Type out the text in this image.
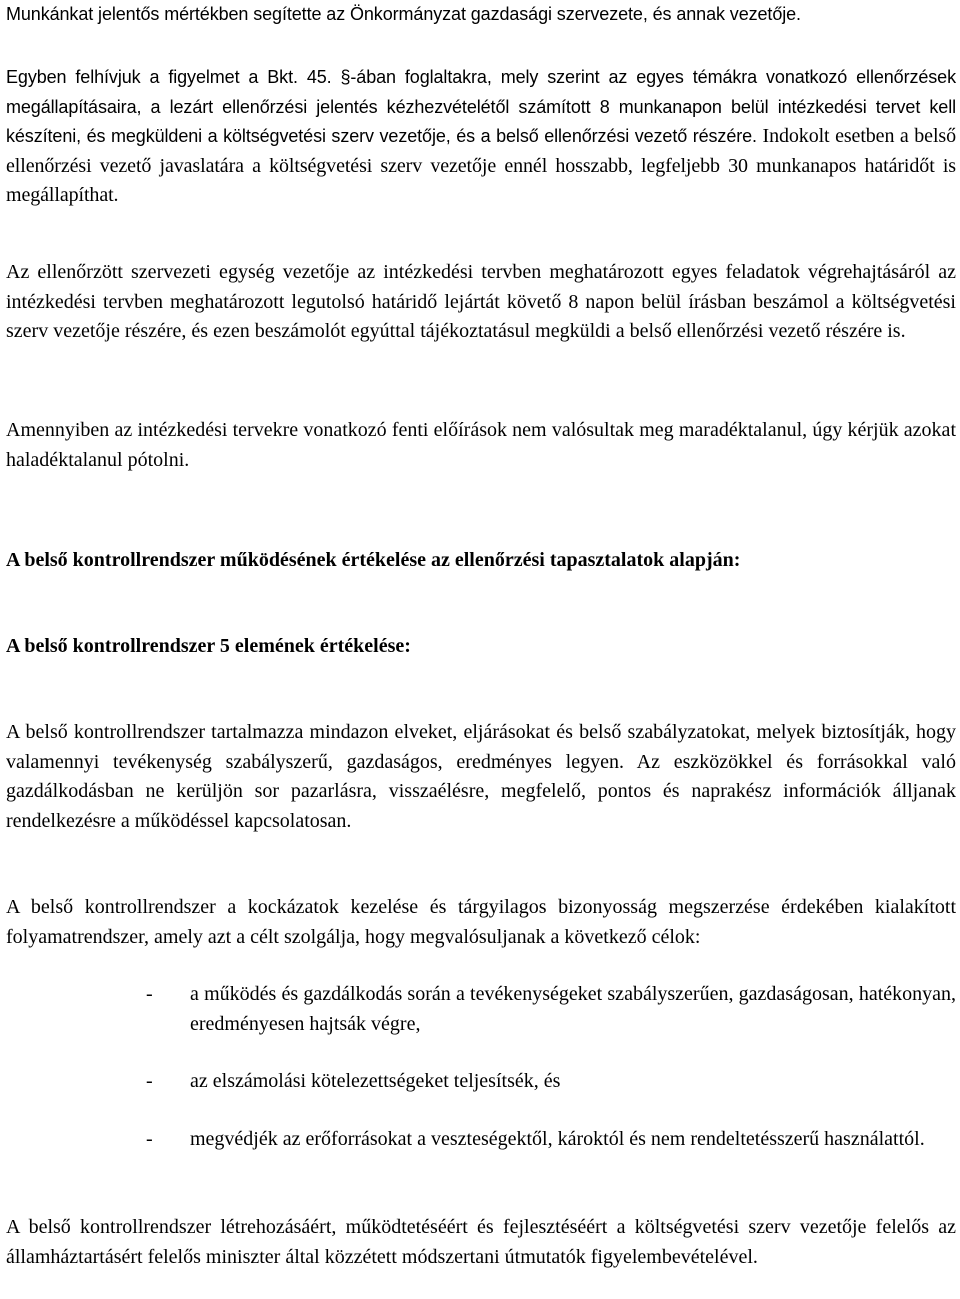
Munkánkat jelentős mértékben segítette az Önkormányzat gazdasági szervezete, és annak vezetője.

Egyben felhívjuk a figyelmet a Bkt. 45. §-ában foglaltakra, mely szerint az egyes témákra vonatkozó ellenőrzések megállapításaira, a lezárt ellenőrzési jelentés kézhezvételétől számított 8 munkanapon belül intézkedési tervet kell készíteni, és megküldeni a költségvetési szerv vezetője, és a belső ellenőrzési vezető részére. Indokolt esetben a belső ellenőrzési vezető javaslatára a költségvetési szerv vezetője ennél hosszabb, legfeljebb 30 munkanapos határidőt is megállapíthat.

Az ellenőrzött szervezeti egység vezetője az intézkedési tervben meghatározott egyes feladatok végrehajtásáról az intézkedési tervben meghatározott legutolsó határidő lejártát követő 8 napon belül írásban beszámol a költségvetési szerv vezetője részére, és ezen beszámolót egyúttal tájékoztatásul megküldi a belső ellenőrzési vezető részére is.

Amennyiben az intézkedési tervekre vonatkozó fenti előírások nem valósultak meg maradéktalanul, úgy kérjük azokat haladéktalanul pótolni.

A belső kontrollrendszer működésének értékelése az ellenőrzési tapasztalatok alapján:

A belső kontrollrendszer 5 elemének értékelése:

A belső kontrollrendszer tartalmazza mindazon elveket, eljárásokat és belső szabályzatokat, melyek biztosítják, hogy valamennyi tevékenység szabályszerű, gazdaságos, eredményes legyen. Az eszközökkel és forrásokkal való gazdálkodásban ne kerüljön sor pazarlásra, visszaélésre, megfelelő, pontos és naprakész információk álljanak rendelkezésre a működéssel kapcsolatosan.

A belső kontrollrendszer a kockázatok kezelése és tárgyilagos bizonyosság megszerzése érdekében kialakított folyamatrendszer, amely azt a célt szolgálja, hogy megvalósuljanak a következő célok:

- a működés és gazdálkodás során a tevékenységeket szabályszerűen, gazdaságosan, hatékonyan, eredményesen hajtsák végre,
- az elszámolási kötelezettségeket teljesítsék, és
- megvédjék az erőforrásokat a veszteségektől, károktól és nem rendeltetésszerű használattól.

A belső kontrollrendszer létrehozásáért, működtetéséért és fejlesztéséért a költségvetési szerv vezetője felelős az államháztartásért felelős miniszter által közzétett módszertani útmutatók figyelembevételével.
